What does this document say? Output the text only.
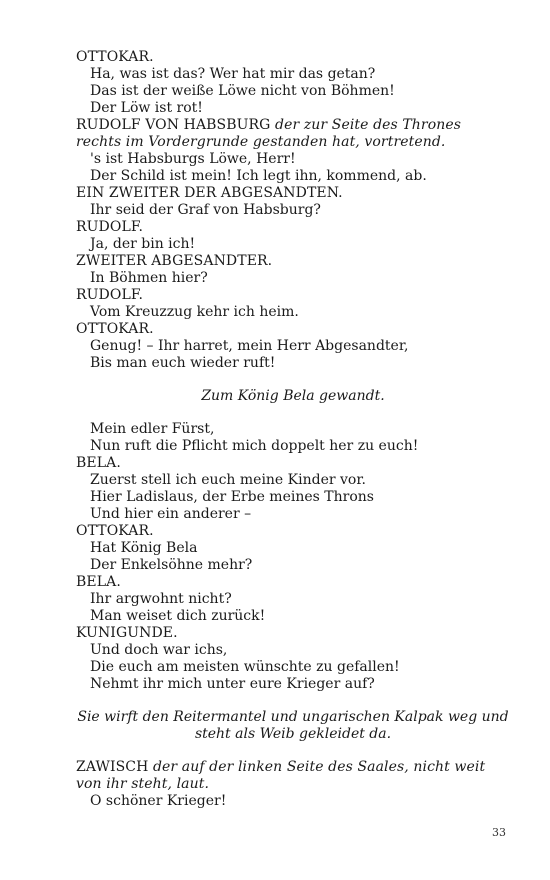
OTTOKAR.
Ha, was ist das? Wer hat mir das getan?
Das ist der weiße Löwe nicht von Böhmen!
Der Löw ist rot!
RUDOLF VON HABSBURG der zur Seite des Thrones rechts im Vordergrunde gestanden hat, vortretend.
's ist Habsburgs Löwe, Herr!
Der Schild ist mein! Ich legt ihn, kommend, ab.
EIN ZWEITER DER ABGESANDTEN.
Ihr seid der Graf von Habsburg?
RUDOLF.
Ja, der bin ich!
ZWEITER ABGESANDTER.
In Böhmen hier?
RUDOLF.
Vom Kreuzzug kehr ich heim.
OTTOKAR.
Genug! – Ihr harret, mein Herr Abgesandter,
Bis man euch wieder ruft!
Zum König Bela gewandt.
Mein edler Fürst,
Nun ruft die Pflicht mich doppelt her zu euch!
BELA.
Zuerst stell ich euch meine Kinder vor.
Hier Ladislaus, der Erbe meines Throns
Und hier ein anderer –
OTTOKAR.
Hat König Bela
Der Enkelsöhne mehr?
BELA.
Ihr argwohnt nicht?
Man weiset dich zurück!
KUNIGUNDE.
Und doch war ichs,
Die euch am meisten wünschte zu gefallen!
Nehmt ihr mich unter eure Krieger auf?
Sie wirft den Reitermantel und ungarischen Kalpak weg und steht als Weib gekleidet da.
ZAWISCH der auf der linken Seite des Saales, nicht weit von ihr steht, laut.
O schöner Krieger!
33
